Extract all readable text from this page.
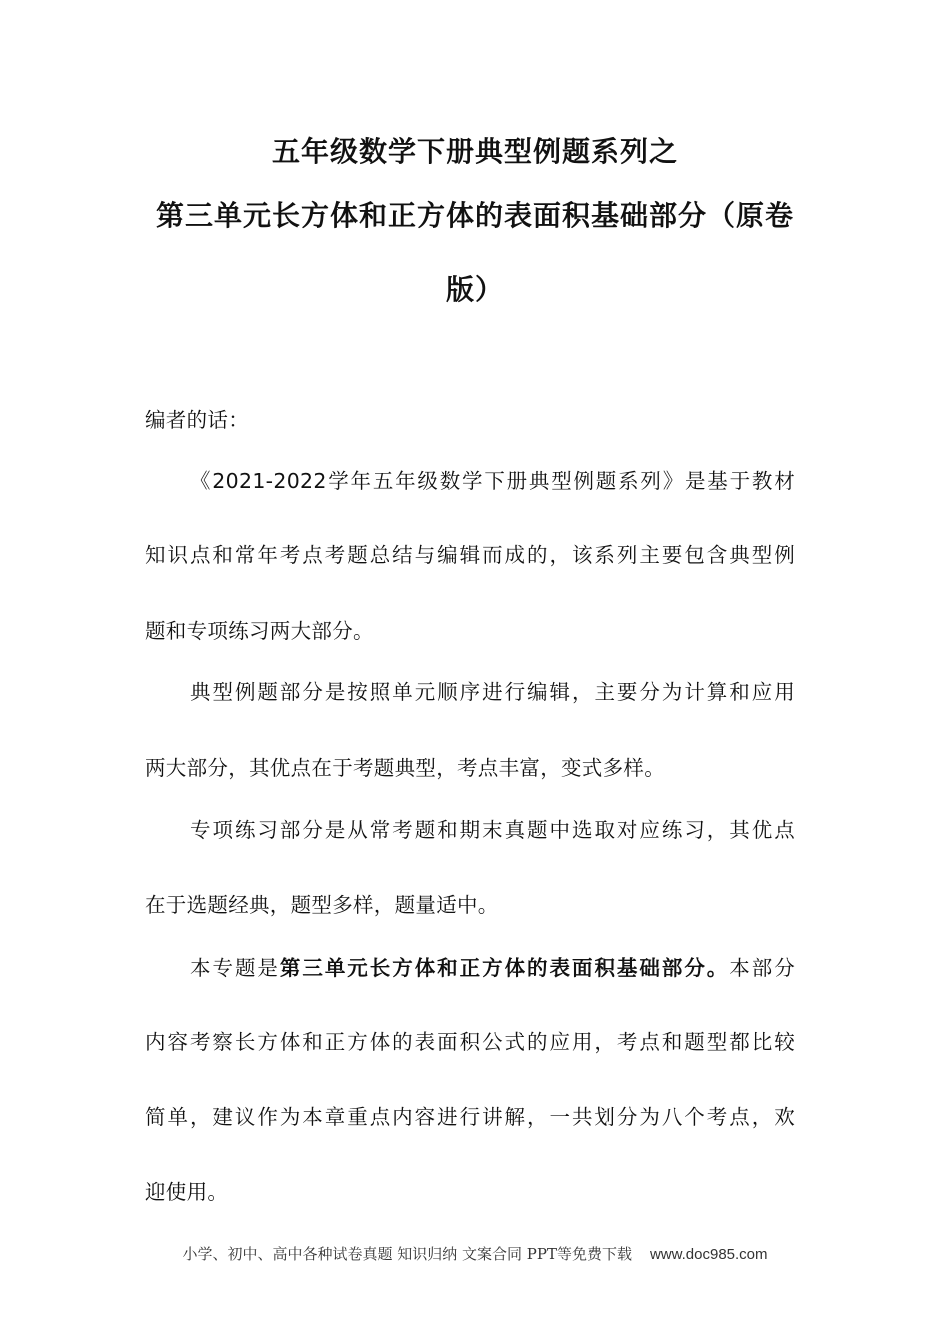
五年级数学下册典型例题系列之
第三单元长方体和正方体的表面积基础部分（原卷
版）
编者的话：
《2021-2022学年五年级数学下册典型例题系列》是基于教材
知识点和常年考点考题总结与编辑而成的，该系列主要包含典型例
题和专项练习两大部分。
典型例题部分是按照单元顺序进行编辑，主要分为计算和应用
两大部分，其优点在于考题典型，考点丰富，变式多样。
专项练习部分是从常考题和期末真题中选取对应练习，其优点
在于选题经典，题型多样，题量适中。
本专题是第三单元长方体和正方体的表面积基础部分。本部分
内容考察长方体和正方体的表面积公式的应用，考点和题型都比较
简单，建议作为本章重点内容进行讲解，一共划分为八个考点，欢
迎使用。
小学、初中、高中各种试卷真题 知识归纳 文案合同 PPT等免费下载 www.doc985.com
